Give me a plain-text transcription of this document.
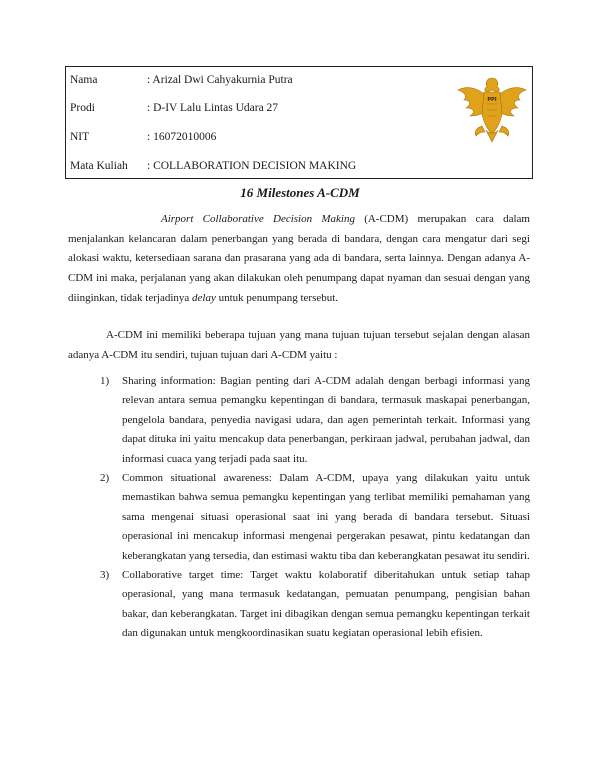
Nama	: Arizal Dwi Cahyakurnia Putra
Prodi	: D-IV Lalu Lintas Udara 27
NIT	: 16072010006
Mata Kuliah : COLLABORATION DECISION MAKING
PPI
16 Milestones A-CDM
Airport Collaborative Decision Making (A-CDM) merupakan cara dalam menjalankan kelancaran dalam penerbangan yang berada di bandara, dengan cara mengatur dari segi alokasi waktu, ketersediaan sarana dan prasarana yang ada di bandara, serta lainnya. Dengan adanya A-CDM ini maka, perjalanan yang akan dilakukan oleh penumpang dapat nyaman dan sesuai dengan yang diinginkan, tidak terjadinya delay untuk penumpang tersebut.
A-CDM ini memiliki beberapa tujuan yang mana tujuan tujuan tersebut sejalan dengan alasan adanya A-CDM itu sendiri, tujuan tujuan dari A-CDM yaitu :
1) Sharing information: Bagian penting dari A-CDM adalah dengan berbagi informasi yang relevan antara semua pemangku kepentingan di bandara, termasuk maskapai penerbangan, pengelola bandara, penyedia navigasi udara, dan agen pemerintah terkait. Informasi yang dapat dituka ini yaitu mencakup data penerbangan, perkiraan jadwal, perubahan jadwal, dan informasi cuaca yang terjadi pada saat itu.
2) Common situational awareness: Dalam A-CDM, upaya yang dilakukan yaitu untuk memastikan bahwa semua pemangku kepentingan yang terlibat memiliki pemahaman yang sama mengenai situasi operasional saat ini yang berada di bandara tersebut. Situasi operasional ini mencakup informasi mengenai pergerakan pesawat, pintu kedatangan dan keberangkatan yang tersedia, dan estimasi waktu tiba dan keberangkatan pesawat itu sendiri.
3) Collaborative target time: Target waktu kolaboratif diberitahukan untuk setiap tahap operasional, yang mana termasuk kedatangan, pemuatan penumpang, pengisian bahan bakar, dan keberangkatan. Target ini dibagikan dengan semua pemangku kepentingan terkait dan digunakan untuk mengkoordinasikan suatu kegiatan operasional lebih efisien.
